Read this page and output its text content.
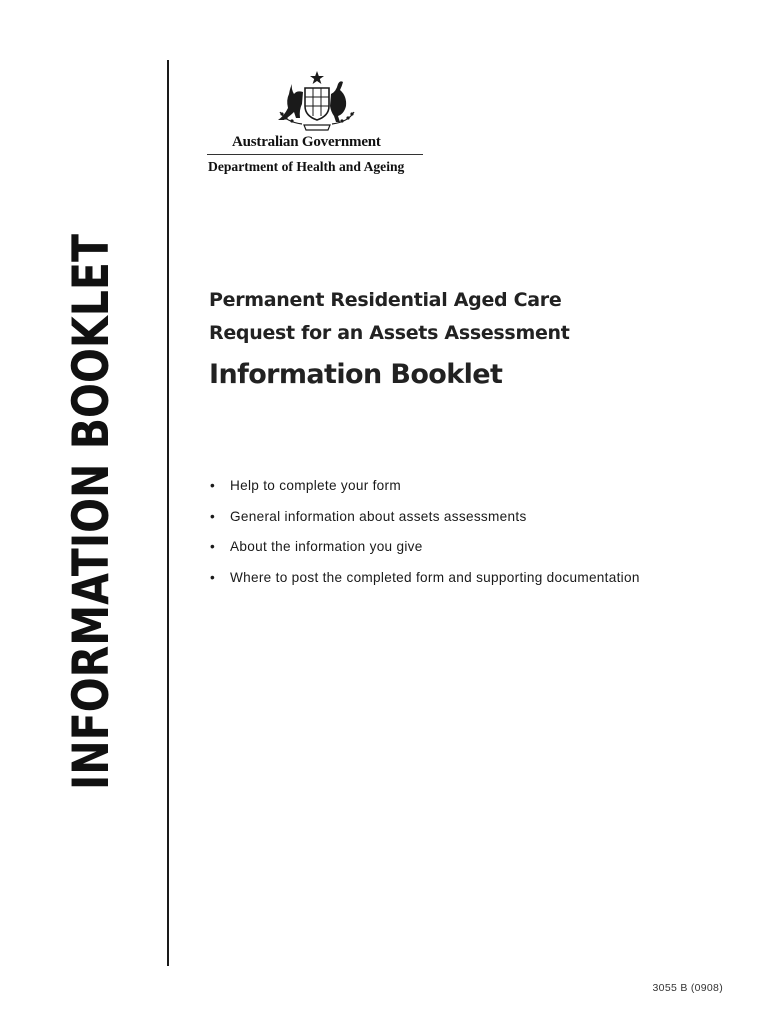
INFORMATION BOOKLET	Australian Government
Department of Health and Ageing
Permanent Residential Aged Care
Request for an Assets Assessment
Information Booklet
• Help to complete your form
• General information about assets assessments
• About the information you give
• Where to post the completed form and supporting documentation
3055 B (0908)
